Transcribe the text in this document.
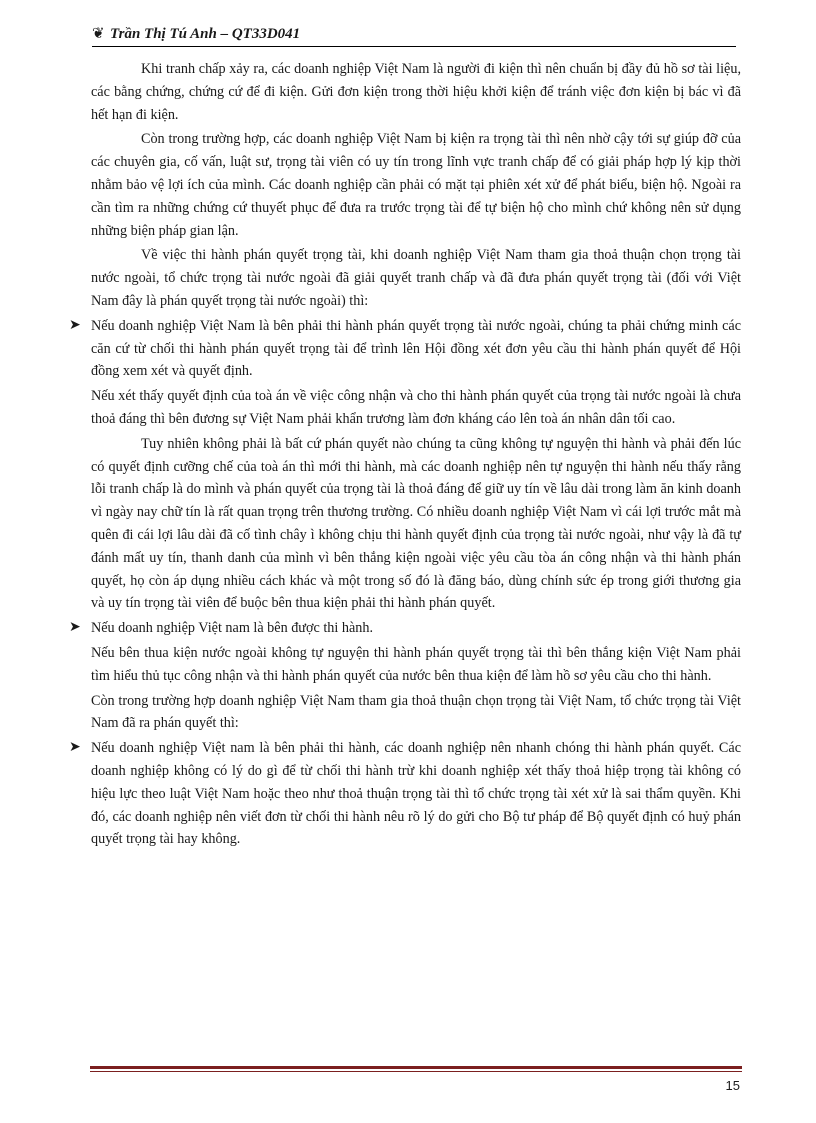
❦ Trần Thị Tú Anh – QT33D041

Khi tranh chấp xảy ra, các doanh nghiệp Việt Nam là người đi kiện thì nên chuẩn bị đầy đủ hồ sơ tài liệu, các bằng chứng, chứng cứ để đi kiện. Gửi đơn kiện trong thời hiệu khởi kiện để tránh việc đơn kiện bị bác vì đã hết hạn đi kiện.

Còn trong trường hợp, các doanh nghiệp Việt Nam bị kiện ra trọng tài thì nên nhờ cậy tới sự giúp đỡ của các chuyên gia, cố vấn, luật sư, trọng tài viên có uy tín trong lĩnh vực tranh chấp để có giải pháp hợp lý kịp thời nhằm bảo vệ lợi ích của mình. Các doanh nghiệp cần phải có mặt tại phiên xét xử để phát biểu, biện hộ. Ngoài ra cần tìm ra những chứng cứ thuyết phục để đưa ra trước trọng tài để tự biện hộ cho mình chứ không nên sử dụng những biện pháp gian lận.

Về việc thi hành phán quyết trọng tài, khi doanh nghiệp Việt Nam tham gia thoả thuận chọn trọng tài nước ngoài, tổ chức trọng tài nước ngoài đã giải quyết tranh chấp và đã đưa phán quyết trọng tài (đối với Việt Nam đây là phán quyết trọng tài nước ngoài) thì:

➤ Nếu doanh nghiệp Việt Nam là bên phải thi hành phán quyết trọng tài nước ngoài, chúng ta phải chứng minh các căn cứ từ chối thi hành phán quyết trọng tài để trình lên Hội đồng xét đơn yêu cầu thi hành phán quyết để Hội đồng xem xét và quyết định.

Nếu xét thấy quyết định của toà án về việc công nhận và cho thi hành phán quyết của trọng tài nước ngoài là chưa thoả đáng thì bên đương sự Việt Nam phải khẩn trương làm đơn kháng cáo lên toà án nhân dân tối cao.

Tuy nhiên không phải là bất cứ phán quyết nào chúng ta cũng không tự nguyện thi hành và phải đến lúc có quyết định cưỡng chế của toà án thì mới thi hành, mà các doanh nghiệp nên tự nguyện thi hành nếu thấy rằng lỗi tranh chấp là do mình và phán quyết của trọng tài là thoả đáng để giữ uy tín về lâu dài trong làm ăn kinh doanh vì ngày nay chữ tín là rất quan trọng trên thương trường. Có nhiều doanh nghiệp Việt Nam vì cái lợi trước mắt mà quên đi cái lợi lâu dài đã cố tình chây ì không chịu thi hành quyết định của trọng tài nước ngoài, như vậy là đã tự đánh mất uy tín, thanh danh của mình vì bên thắng kiện ngoài việc yêu cầu tòa án công nhận và thi hành phán quyết, họ còn áp dụng nhiều cách khác và một trong số đó là đăng báo, dùng chính sức ép trong giới thương gia và uy tín trọng tài viên để buộc bên thua kiện phải thi hành phán quyết.

➤ Nếu doanh nghiệp Việt nam là bên được thi hành.

Nếu bên thua kiện nước ngoài không tự nguyện thi hành phán quyết trọng tài thì bên thắng kiện Việt Nam phải tìm hiểu thủ tục công nhận và thi hành phán quyết của nước bên thua kiện để làm hồ sơ yêu cầu cho thi hành.

Còn trong trường hợp doanh nghiệp Việt Nam tham gia thoả thuận chọn trọng tài Việt Nam, tổ chức trọng tài Việt Nam đã ra phán quyết thì:

➤ Nếu doanh nghiệp Việt nam là bên phải thi hành, các doanh nghiệp nên nhanh chóng thi hành phán quyết. Các doanh nghiệp không có lý do gì để từ chối thi hành trừ khi doanh nghiệp xét thấy thoả hiệp trọng tài không có hiệu lực theo luật Việt Nam hoặc theo như thoả thuận trọng tài thì tổ chức trọng tài xét xử là sai thẩm quyền. Khi đó, các doanh nghiệp nên viết đơn từ chối thi hành nêu rõ lý do gửi cho Bộ tư pháp để Bộ quyết định có huỷ phán quyết trọng tài hay không.

15
